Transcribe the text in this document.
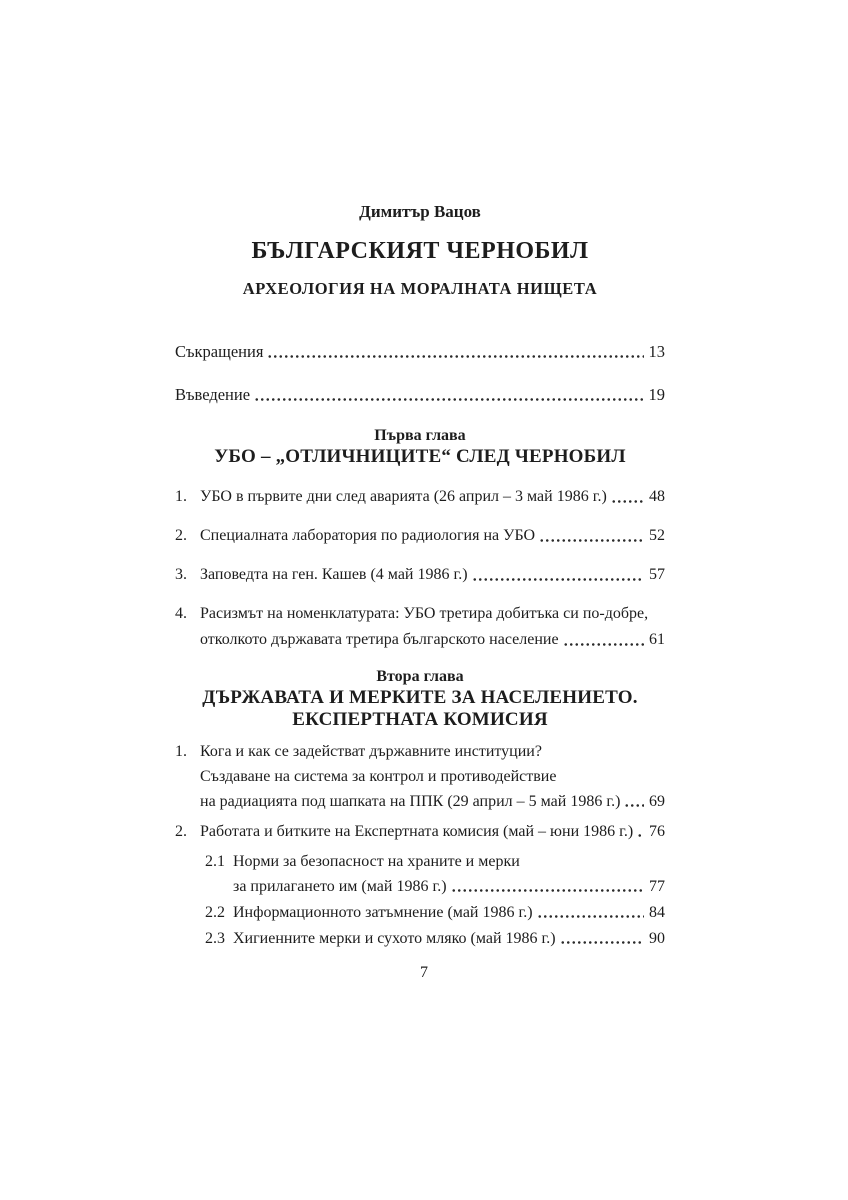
Димитър Вацов
БЪЛГАРСКИЯТ ЧЕРНОБИЛ
АРХЕОЛОГИЯ НА МОРАЛНАТА НИЩЕТА
Съкращения	13
Въведение	19
Първа глава
УБО – „ОТЛИЧНИЦИТЕ“ СЛЕД ЧЕРНОБИЛ
1. УБО в първите дни след аварията (26 април – 3 май 1986 г.)	48
2. Специалната лаборатория по радиология на УБО	52
3. Заповедта на ген. Кашев (4 май 1986 г.)	57
4. Расизмът на номенклатурата: УБО третира добитъка си по-добре,
отколкото държавата третира българското население	61
Втора глава
ДЪРЖАВАТА И МЕРКИТЕ ЗА НАСЕЛЕНИЕТО.
ЕКСПЕРТНАТА КОМИСИЯ
1. Кога и как се задействат държавните институции?
Създаване на система за контрол и противодействие
на радиацията под шапката на ППК (29 април – 5 май 1986 г.) 69
2. Работата и битките на Експертната комисия (май – юни 1986 г.) 76
2.1 Норми за безопасност на храните и мерки
за прилагането им (май 1986 г.)	77
2.2 Информационното затъмнение (май 1986 г.)	84
2.3 Хигиенните мерки и сухото мляко (май 1986 г.)	90
7
